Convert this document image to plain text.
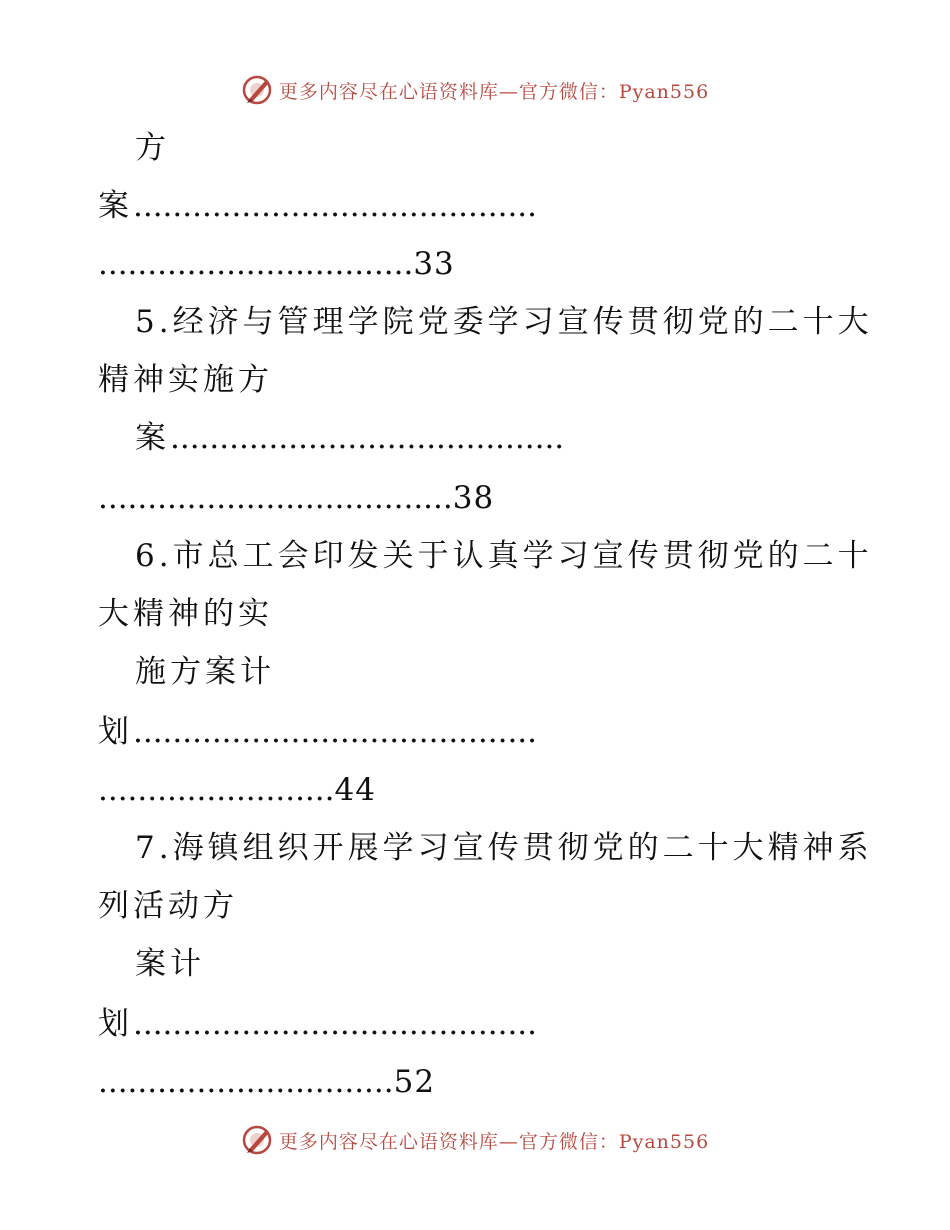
更多内容尽在心语资料库—官方微信：Pyan556
方
案.........................................
................................33
5.经济与管理学院党委学习宣传贯彻党的二十大
精神实施方
案........................................
....................................38
6.市总工会印发关于认真学习宣传贯彻党的二十
大精神的实
施方案计
划.........................................
........................44
7.海镇组织开展学习宣传贯彻党的二十大精神系
列活动方
案计
划.........................................
..............................52
更多内容尽在心语资料库—官方微信：Pyan556
